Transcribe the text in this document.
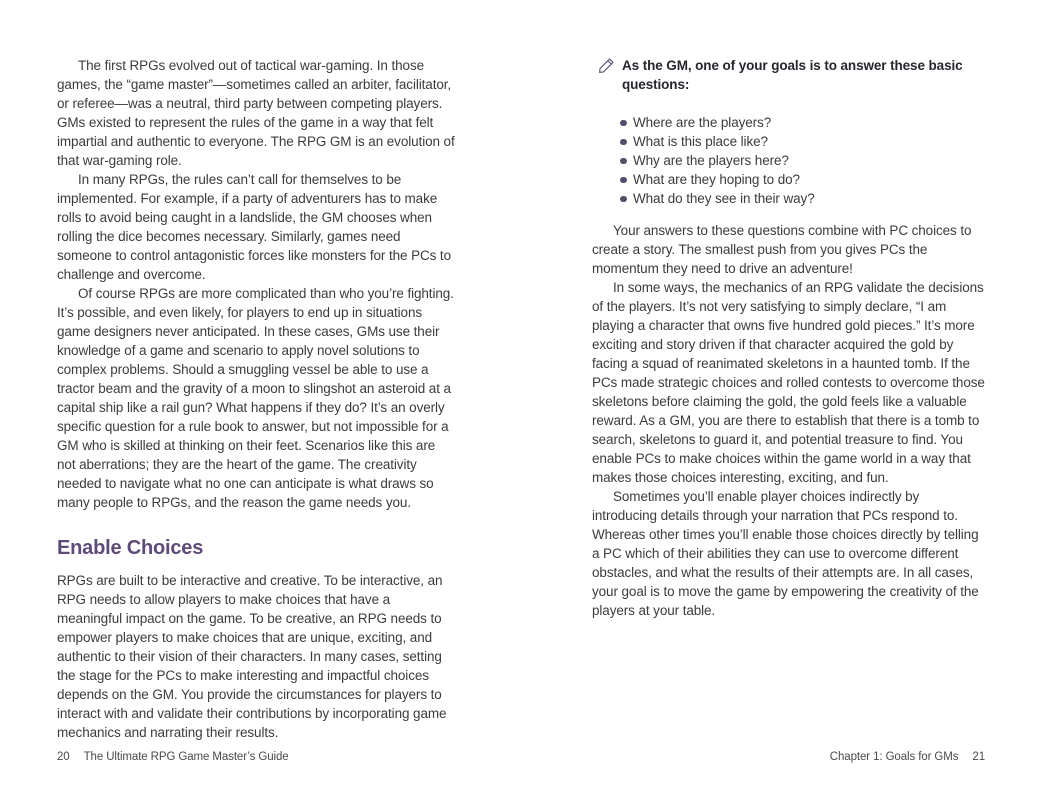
The first RPGs evolved out of tactical war-gaming. In those games, the “game master”—sometimes called an arbiter, facilitator, or referee—was a neutral, third party between competing players. GMs existed to represent the rules of the game in a way that felt impartial and authentic to everyone. The RPG GM is an evolution of that war-gaming role.

In many RPGs, the rules can’t call for themselves to be implemented. For example, if a party of adventurers has to make rolls to avoid being caught in a landslide, the GM chooses when rolling the dice becomes necessary. Similarly, games need someone to control antagonistic forces like monsters for the PCs to challenge and overcome.

Of course RPGs are more complicated than who you’re fighting. It’s possible, and even likely, for players to end up in situations game designers never anticipated. In these cases, GMs use their knowledge of a game and scenario to apply novel solutions to complex problems. Should a smuggling vessel be able to use a tractor beam and the gravity of a moon to slingshot an asteroid at a capital ship like a rail gun? What happens if they do? It’s an overly specific question for a rule book to answer, but not impossible for a GM who is skilled at thinking on their feet. Scenarios like this are not aberrations; they are the heart of the game. The creativity needed to navigate what no one can anticipate is what draws so many people to RPGs, and the reason the game needs you.

Enable Choices

RPGs are built to be interactive and creative. To be interactive, an RPG needs to allow players to make choices that have a meaningful impact on the game. To be creative, an RPG needs to empower players to make choices that are unique, exciting, and authentic to their vision of their characters. In many cases, setting the stage for the PCs to make interesting and impactful choices depends on the GM. You provide the circumstances for players to interact with and validate their contributions by incorporating game mechanics and narrating their results.

As the GM, one of your goals is to answer these basic questions:
Where are the players?
What is this place like?
Why are the players here?
What are they hoping to do?
What do they see in their way?

Your answers to these questions combine with PC choices to create a story. The smallest push from you gives PCs the momentum they need to drive an adventure!

In some ways, the mechanics of an RPG validate the decisions of the players. It’s not very satisfying to simply declare, “I am playing a character that owns five hundred gold pieces.” It’s more exciting and story driven if that character acquired the gold by facing a squad of reanimated skeletons in a haunted tomb. If the PCs made strategic choices and rolled contests to overcome those skeletons before claiming the gold, the gold feels like a valuable reward. As a GM, you are there to establish that there is a tomb to search, skeletons to guard it, and potential treasure to find. You enable PCs to make choices within the game world in a way that makes those choices interesting, exciting, and fun.

Sometimes you’ll enable player choices indirectly by introducing details through your narration that PCs respond to. Whereas other times you’ll enable those choices directly by telling a PC which of their abilities they can use to overcome different obstacles, and what the results of their attempts are. In all cases, your goal is to move the game by empowering the creativity of the players at your table.

20 The Ultimate RPG Game Master’s Guide	Chapter 1: Goals for GMs 21
